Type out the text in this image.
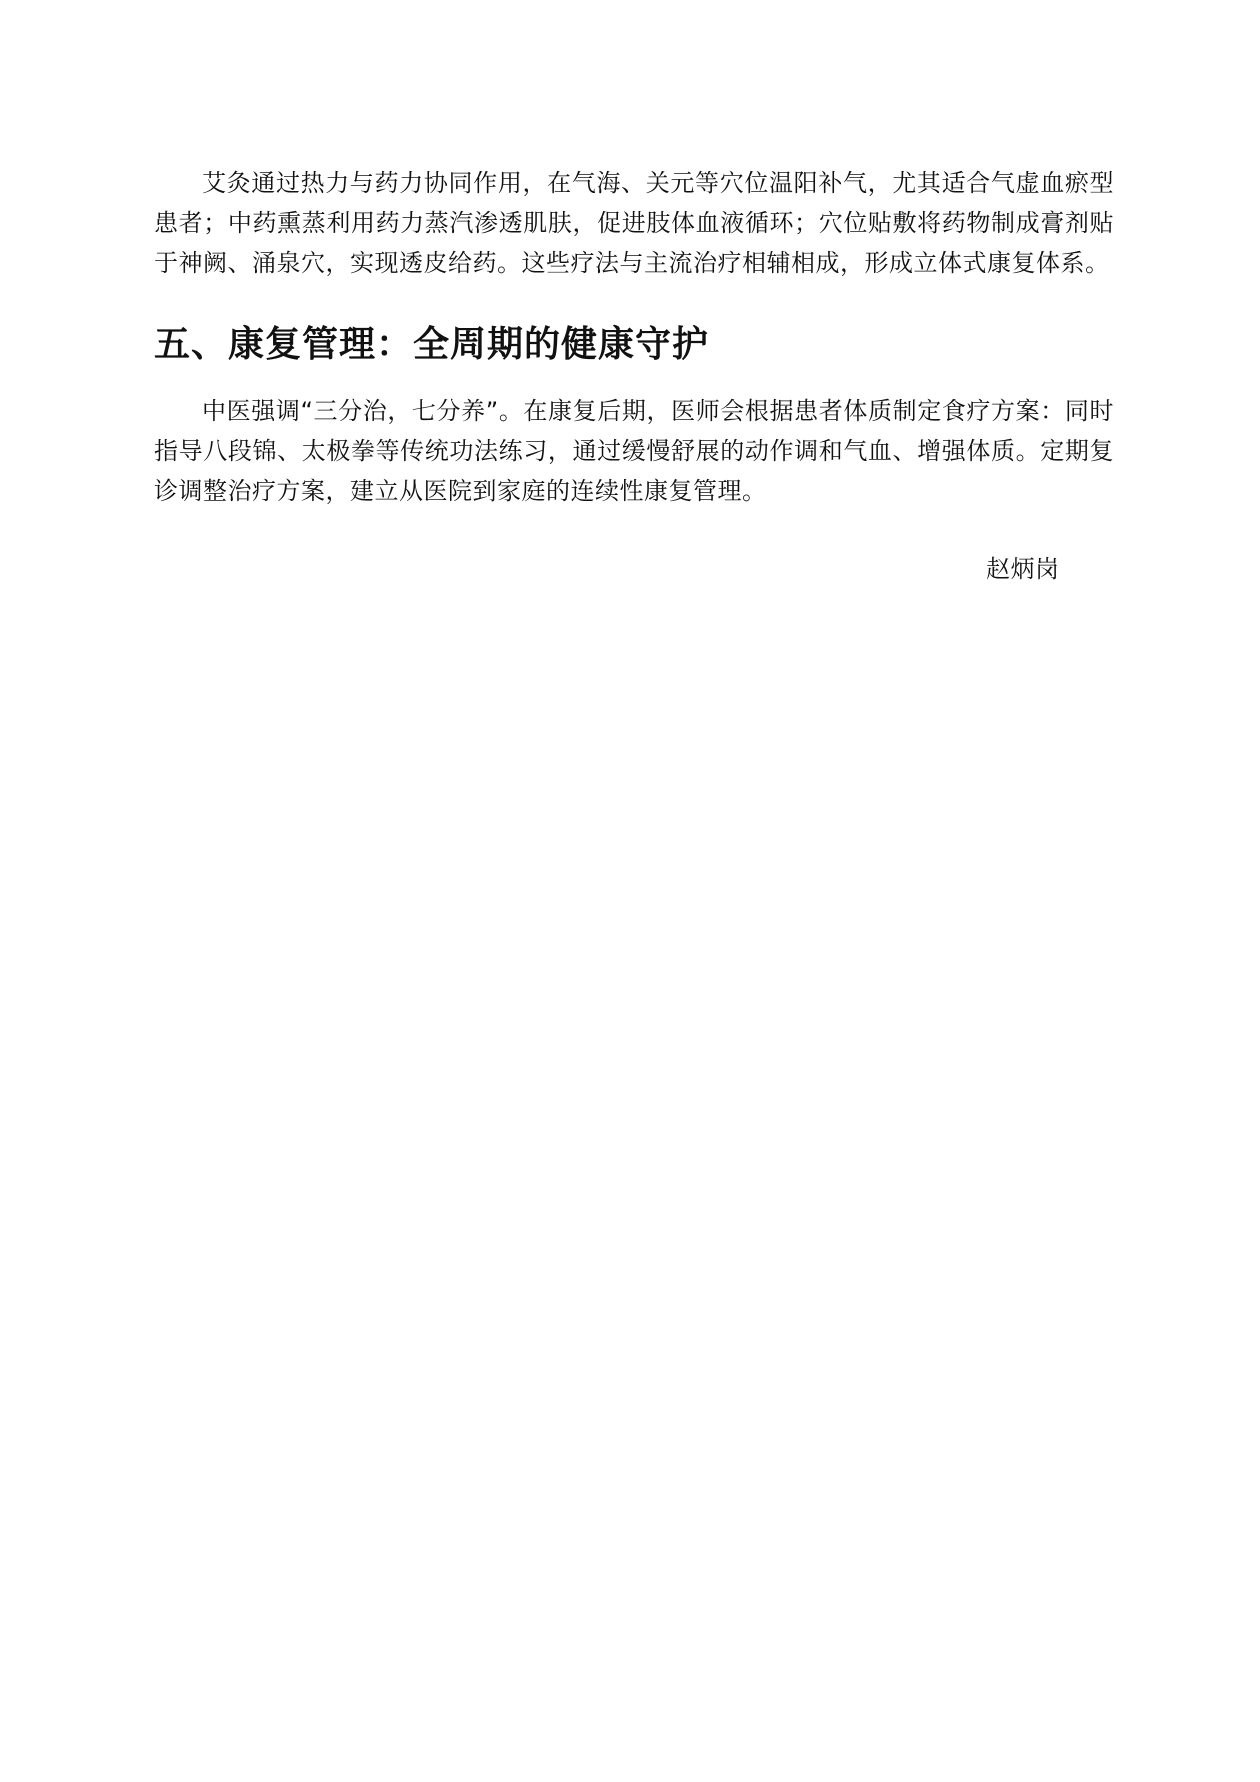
艾灸通过热力与药力协同作用，在气海、关元等穴位温阳补气，尤其适合气虚血瘀型患者；中药熏蒸利用药力蒸汽渗透肌肤，促进肢体血液循环；穴位贴敷将药物制成膏剂贴于神阙、涌泉穴，实现透皮给药。这些疗法与主流治疗相辅相成，形成立体式康复体系。

五、康复管理：全周期的健康守护

中医强调“三分治，七分养”。在康复后期，医师会根据患者体质制定食疗方案：同时指导八段锦、太极拳等传统功法练习，通过缓慢舒展的动作调和气血、增强体质。定期复诊调整治疗方案，建立从医院到家庭的连续性康复管理。

赵炳岗
